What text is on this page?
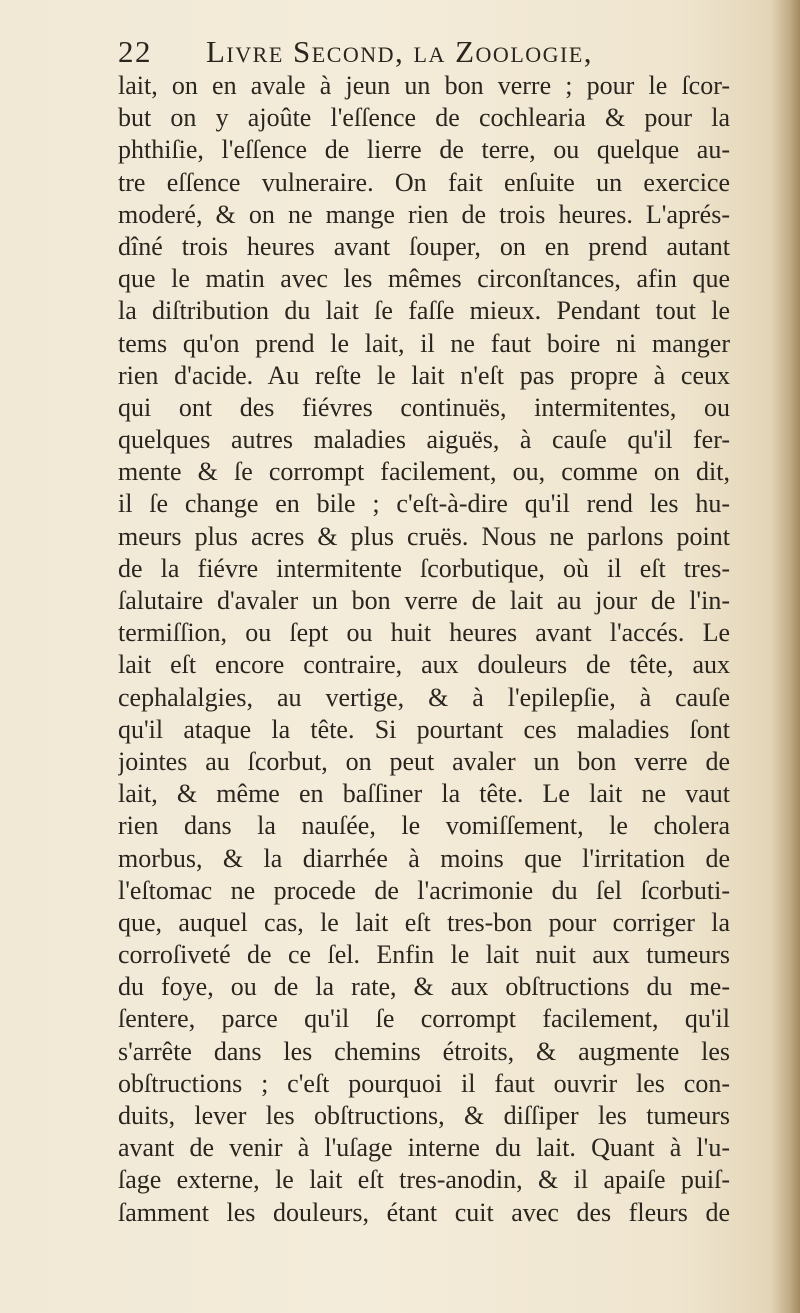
22 Livre Second, la Zoologie,
lait, on en avale à jeun un bon verre ; pour le ſcor-
but on y ajoûte l'eſſence de cochlearia & pour la
phthiſie, l'eſſence de lierre de terre, ou quelque au-
tre eſſence vulneraire. On fait enſuite un exercice
moderé, & on ne mange rien de trois heures. L'aprés-
dîné trois heures avant ſouper, on en prend autant
que le matin avec les mêmes circonſtances, afin que
la diſtribution du lait ſe faſſe mieux. Pendant tout le
tems qu'on prend le lait, il ne faut boire ni manger
rien d'acide. Au reſte le lait n'eſt pas propre à ceux
qui ont des fiévres continuës, intermitentes, ou
quelques autres maladies aiguës, à cauſe qu'il fer-
mente & ſe corrompt facilement, ou, comme on dit,
il ſe change en bile ; c'eſt-à-dire qu'il rend les hu-
meurs plus acres & plus cruës. Nous ne parlons point
de la fiévre intermitente ſcorbutique, où il eſt tres-
ſalutaire d'avaler un bon verre de lait au jour de l'in-
termiſſion, ou ſept ou huit heures avant l'accés. Le
lait eſt encore contraire, aux douleurs de tête, aux
cephalalgies, au vertige, & à l'epilepſie, à cauſe
qu'il ataque la tête. Si pourtant ces maladies ſont
jointes au ſcorbut, on peut avaler un bon verre de
lait, & même en baſſiner la tête. Le lait ne vaut
rien dans la nauſée, le vomiſſement, le cholera
morbus, & la diarrhée à moins que l'irritation de
l'eſtomac ne procede de l'acrimonie du ſel ſcorbuti-
que, auquel cas, le lait eſt tres-bon pour corriger la
corroſiveté de ce ſel. Enfin le lait nuit aux tumeurs
du foye, ou de la rate, & aux obſtructions du me-
ſentere, parce qu'il ſe corrompt facilement, qu'il
s'arrête dans les chemins étroits, & augmente les
obſtructions ; c'eſt pourquoi il faut ouvrir les con-
duits, lever les obſtructions, & diſſiper les tumeurs
avant de venir à l'uſage interne du lait. Quant à l'u-
ſage externe, le lait eſt tres-anodin, & il apaiſe puiſ-
ſamment les douleurs, étant cuit avec des fleurs de
